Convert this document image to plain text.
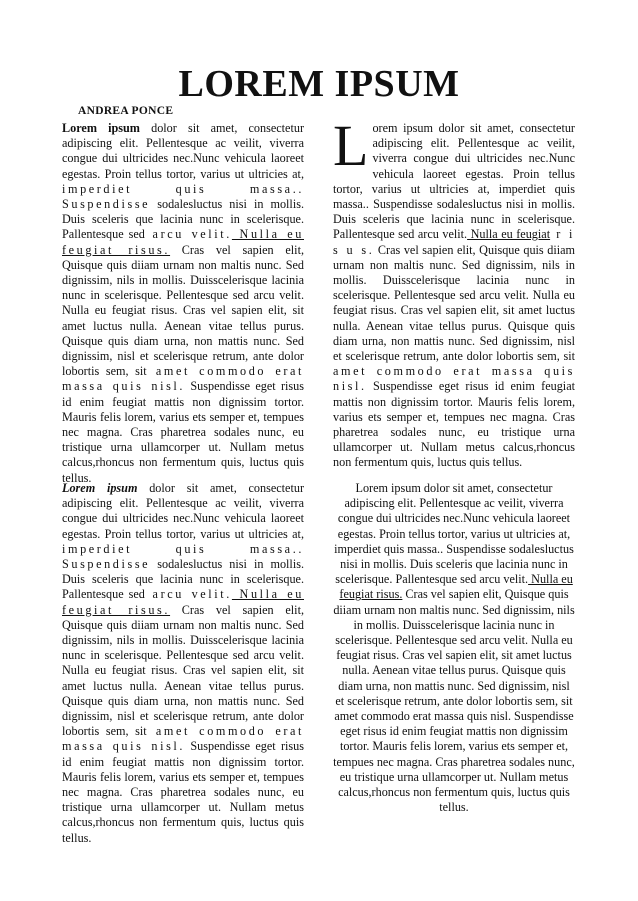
LOREM IPSUM
ANDREA PONCE

Lorem ipsum dolor sit amet, consectetur adipiscing elit. Pellentesque ac veilit, viverra congue dui ultricides nec.Nunc vehicula laoreet egestas. Proin tellus tortor, varius ut ultricies at, imperdiet quis massa.. Suspendisse sodalesluctus nisi in mollis. Duis sceleris que lacinia nunc in scelerisque. Pallentesque sed arcu velit. Nulla eu feugiat risus. Cras vel sapien elit, Quisque quis diiam urnam non maltis nunc. Sed dignissim, nils in mollis. Duisscelerisque lacinia nunc in scelerisque. Pellentesque sed arcu velit. Nulla eu feugiat risus. Cras vel sapien elit, sit amet luctus nulla. Aenean vitae tellus purus. Quisque quis diam urna, non mattis nunc. Sed dignissim, nisl et scelerisque retrum, ante dolor lobortis sem, sit amet commodo erat massa quis nisl. Suspendisse eget risus id enim feugiat mattis non dignissim tortor. Mauris felis lorem, varius ets semper et, tempues nec magna. Cras pharetrea sodales nunc, eu tristique urna ullamcorper ut. Nullam metus calcus,rhoncus non fermentum quis, luctus quis tellus.

Lorem ipsum dolor sit amet, consectetur adipiscing elit. Pellentesque ac veilit, viverra congue dui ultricides nec.Nunc vehicula laoreet egestas. Proin tellus tortor, varius ut ultricies at, imperdiet quis massa.. Suspendisse sodalesluctus nisi in mollis. Duis sceleris que lacinia nunc in scelerisque. Pallentesque sed arcu velit. Nulla eu feugiat r i s u s. Cras vel sapien elit, Quisque quis diiam urnam non maltis nunc. Sed dignissim, nils in mollis. Duisscelerisque lacinia nunc in scelerisque. Pellentesque sed arcu velit. Nulla eu feugiat risus. Cras vel sapien elit, sit amet luctus nulla. Aenean vitae tellus purus. Quisque quis diam urna, non mattis nunc. Sed dignissim, nisl et scelerisque retrum, ante dolor lobortis sem, sit amet commodo erat massa quis nisl. Suspendisse eget risus id enim feugiat mattis non dignissim tortor. Mauris felis lorem, varius ets semper et, tempues nec magna. Cras pharetrea sodales nunc, eu tristique urna ullamcorper ut. Nullam metus calcus,rhoncus non fermentum quis, luctus quis tellus.

Lorem ipsum dolor sit amet, consectetur adipiscing elit. Pellentesque ac veilit, viverra congue dui ultricides nec.Nunc vehicula laoreet egestas. Proin tellus tortor, varius ut ultricies at, imperdiet quis massa.. Suspendisse sodalesluctus nisi in mollis. Duis sceleris que lacinia nunc in scelerisque. Pallentesque sed arcu velit. Nulla eu feugiat risus. Cras vel sapien elit, Quisque quis diiam urnam non maltis nunc. Sed dignissim, nils in mollis. Duisscelerisque lacinia nunc in scelerisque. Pellentesque sed arcu velit. Nulla eu feugiat risus. Cras vel sapien elit, sit amet luctus nulla. Aenean vitae tellus purus. Quisque quis diam urna, non mattis nunc. Sed dignissim, nisl et scelerisque retrum, ante dolor lobortis sem, sit amet commodo erat massa quis nisl. Suspendisse eget risus id enim feugiat mattis non dignissim tortor. Mauris felis lorem, varius ets semper et, tempues nec magna. Cras pharetrea sodales nunc, eu tristique urna ullamcorper ut. Nullam metus calcus,rhoncus non fermentum quis, luctus quis tellus.

Lorem ipsum dolor sit amet, consectetur adipiscing elit. Pellentesque ac veilit, viverra congue dui ultricides nec.Nunc vehicula laoreet egestas. Proin tellus tortor, varius ut ultricies at, imperdiet quis massa.. Suspendisse sodalesluctus nisi in mollis. Duis sceleris que lacinia nunc in scelerisque. Pallentesque sed arcu velit. Nulla eu feugiat risus. Cras vel sapien elit, Quisque quis diiam urnam non maltis nunc. Sed dignissim, nils in mollis. Duisscelerisque lacinia nunc in scelerisque. Pellentesque sed arcu velit. Nulla eu feugiat risus. Cras vel sapien elit, sit amet luctus nulla. Aenean vitae tellus purus. Quisque quis diam urna, non mattis nunc. Sed dignissim, nisl et scelerisque retrum, ante dolor lobortis sem, sit amet commodo erat massa quis nisl. Suspendisse eget risus id enim feugiat mattis non dignissim tortor. Mauris felis lorem, varius ets semper et, tempues nec magna. Cras pharetrea sodales nunc, eu tristique urna ullamcorper ut. Nullam metus calcus,rhoncus non fermentum quis, luctus quis tellus.
